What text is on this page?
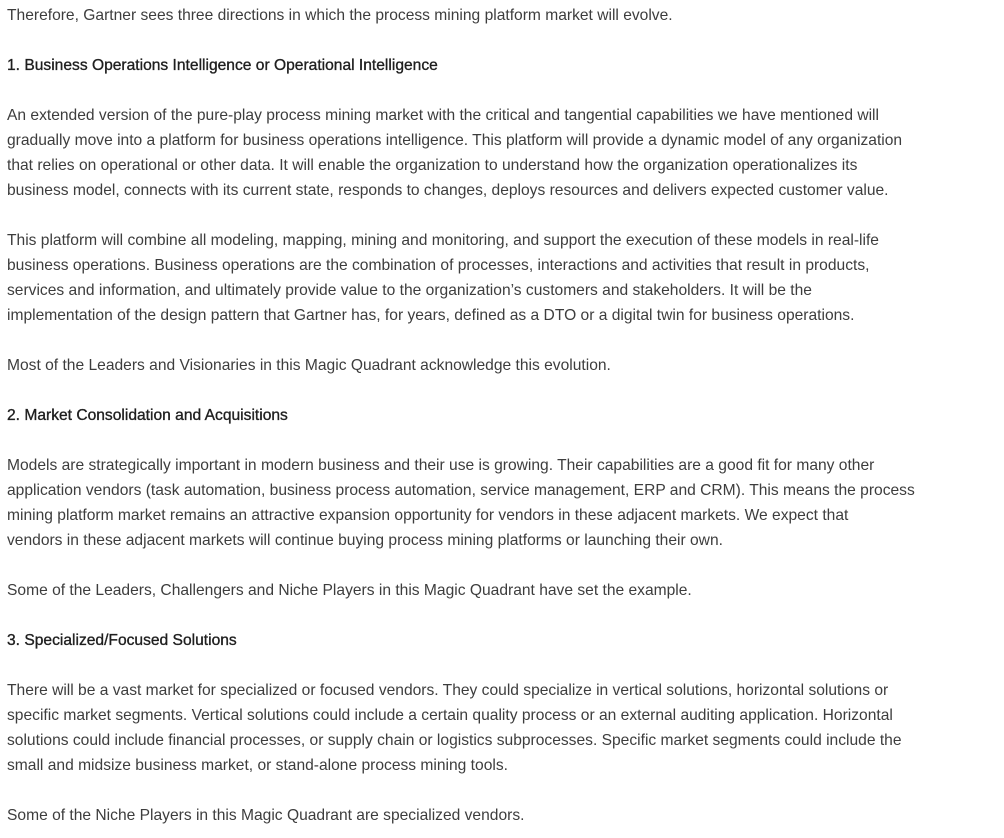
Therefore, Gartner sees three directions in which the process mining platform market will evolve.

1. Business Operations Intelligence or Operational Intelligence

An extended version of the pure-play process mining market with the critical and tangential capabilities we have mentioned will
gradually move into a platform for business operations intelligence. This platform will provide a dynamic model of any organization
that relies on operational or other data. It will enable the organization to understand how the organization operationalizes its
business model, connects with its current state, responds to changes, deploys resources and delivers expected customer value.

This platform will combine all modeling, mapping, mining and monitoring, and support the execution of these models in real-life
business operations. Business operations are the combination of processes, interactions and activities that result in products,
services and information, and ultimately provide value to the organization’s customers and stakeholders. It will be the
implementation of the design pattern that Gartner has, for years, defined as a DTO or a digital twin for business operations.

Most of the Leaders and Visionaries in this Magic Quadrant acknowledge this evolution.

2. Market Consolidation and Acquisitions

Models are strategically important in modern business and their use is growing. Their capabilities are a good fit for many other
application vendors (task automation, business process automation, service management, ERP and CRM). This means the process
mining platform market remains an attractive expansion opportunity for vendors in these adjacent markets. We expect that
vendors in these adjacent markets will continue buying process mining platforms or launching their own.

Some of the Leaders, Challengers and Niche Players in this Magic Quadrant have set the example.

3. Specialized/Focused Solutions

There will be a vast market for specialized or focused vendors. They could specialize in vertical solutions, horizontal solutions or
specific market segments. Vertical solutions could include a certain quality process or an external auditing application. Horizontal
solutions could include financial processes, or supply chain or logistics subprocesses. Specific market segments could include the
small and midsize business market, or stand-alone process mining tools.

Some of the Niche Players in this Magic Quadrant are specialized vendors.
